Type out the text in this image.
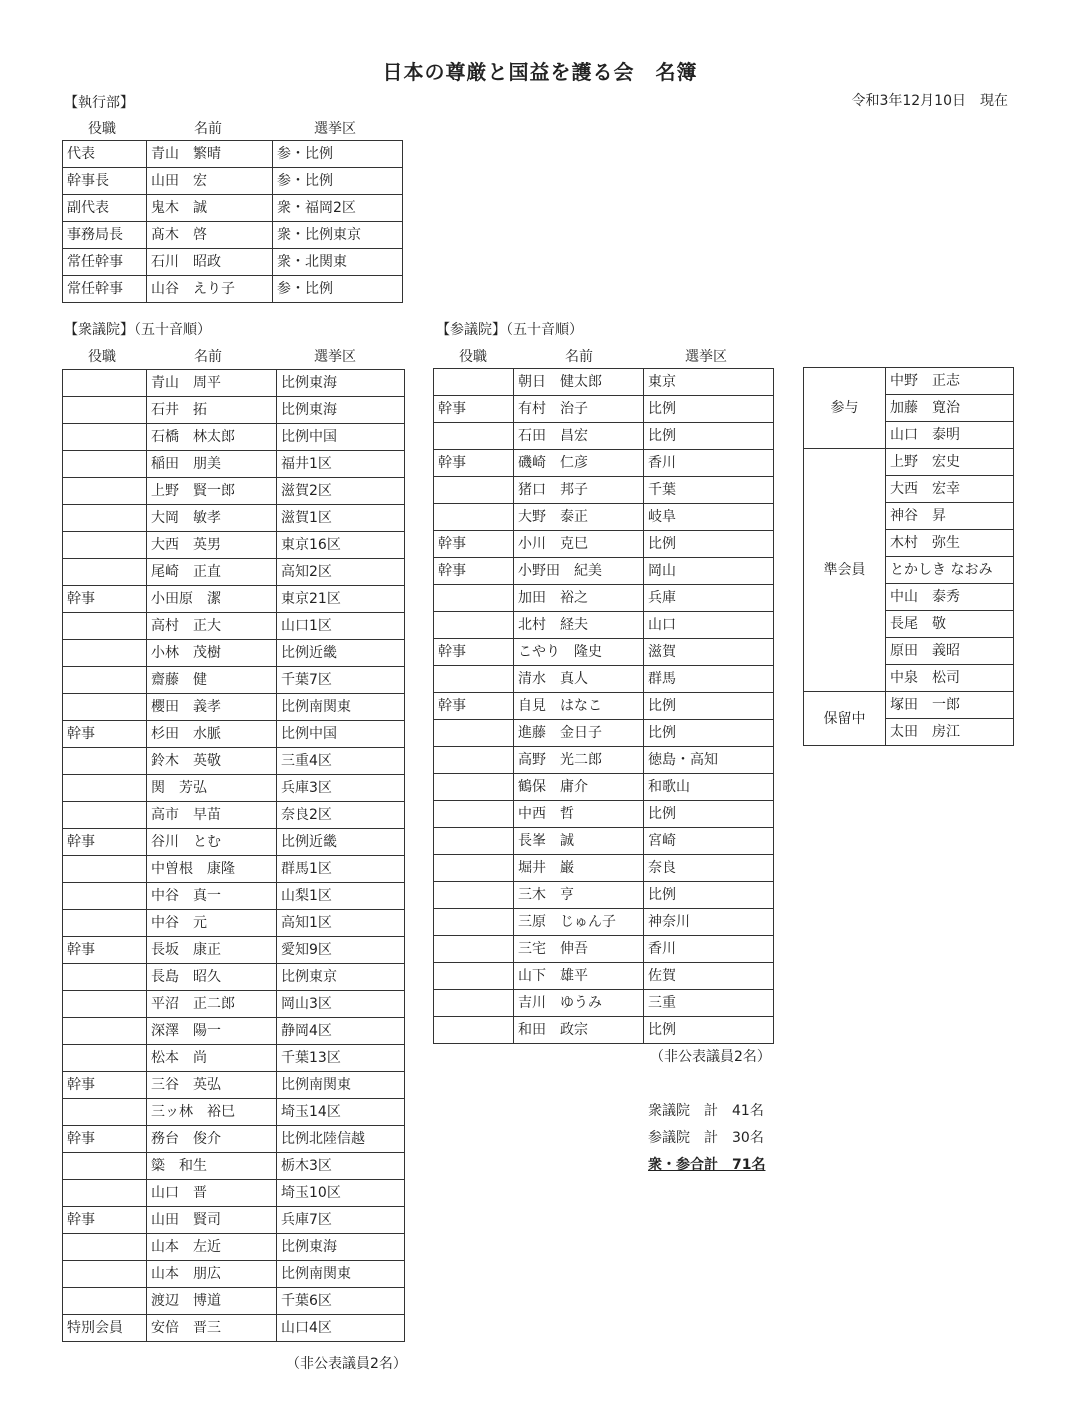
日本の尊厳と国益を護る会　名簿
令和3年12月10日　現在
【執行部】
役職	名前	選挙区
代表	青山　繁晴	参・比例
幹事長	山田　宏	参・比例
副代表	鬼木　誠	衆・福岡2区
事務局長	髙木　啓	衆・比例東京
常任幹事	石川　昭政	衆・北関東
常任幹事	山谷　えり子	参・比例
【衆議院】（五十音順）
役職	名前	選挙区
	青山　周平	比例東海
	石井　拓	比例東海
	石橋　林太郎	比例中国
	稲田　朋美	福井1区
	上野　賢一郎	滋賀2区
	大岡　敏孝	滋賀1区
	大西　英男	東京16区
	尾崎　正直	高知2区
幹事	小田原　潔	東京21区
	高村　正大	山口1区
	小林　茂樹	比例近畿
	齋藤　健	千葉7区
	櫻田　義孝	比例南関東
幹事	杉田　水脈	比例中国
	鈴木　英敬	三重4区
	関　芳弘	兵庫3区
	高市　早苗	奈良2区
幹事	谷川　とむ	比例近畿
	中曽根　康隆	群馬1区
	中谷　真一	山梨1区
	中谷　元	高知1区
幹事	長坂　康正	愛知9区
	長島　昭久	比例東京
	平沼　正二郎	岡山3区
	深澤　陽一	静岡4区
	松本　尚	千葉13区
幹事	三谷　英弘	比例南関東
	三ッ林　裕巳	埼玉14区
幹事	務台　俊介	比例北陸信越
	簗　和生	栃木3区
	山口　晋	埼玉10区
幹事	山田　賢司	兵庫7区
	山本　左近	比例東海
	山本　朋広	比例南関東
	渡辺　博道	千葉6区
特別会員	安倍　晋三	山口4区
（非公表議員2名）
【参議院】（五十音順）
役職	名前	選挙区
	朝日　健太郎	東京
幹事	有村　治子	比例
	石田　昌宏	比例
幹事	磯崎　仁彦	香川
	猪口　邦子	千葉
	大野　泰正	岐阜
幹事	小川　克巳	比例
幹事	小野田　紀美	岡山
	加田　裕之	兵庫
	北村　経夫	山口
幹事	こやり　隆史	滋賀
	清水　真人	群馬
幹事	自見　はなこ	比例
	進藤　金日子	比例
	高野　光二郎	徳島・高知
	鶴保　庸介	和歌山
	中西　哲	比例
	長峯　誠	宮崎
	堀井　巌	奈良
	三木　亨	比例
	三原　じゅん子	神奈川
	三宅　伸吾	香川
	山下　雄平	佐賀
	吉川　ゆうみ	三重
	和田　政宗	比例
（非公表議員2名）
衆議院　計　41名
参議院　計　30名
衆・参合計　71名
参与	中野　正志
	加藤　寛治
	山口　泰明
準会員	上野　宏史
	大西　宏幸
	神谷　昇
	木村　弥生
	とかしき なおみ
	中山　泰秀
	長尾　敬
	原田　義昭
	中泉　松司
保留中	塚田　一郎
	太田　房江
